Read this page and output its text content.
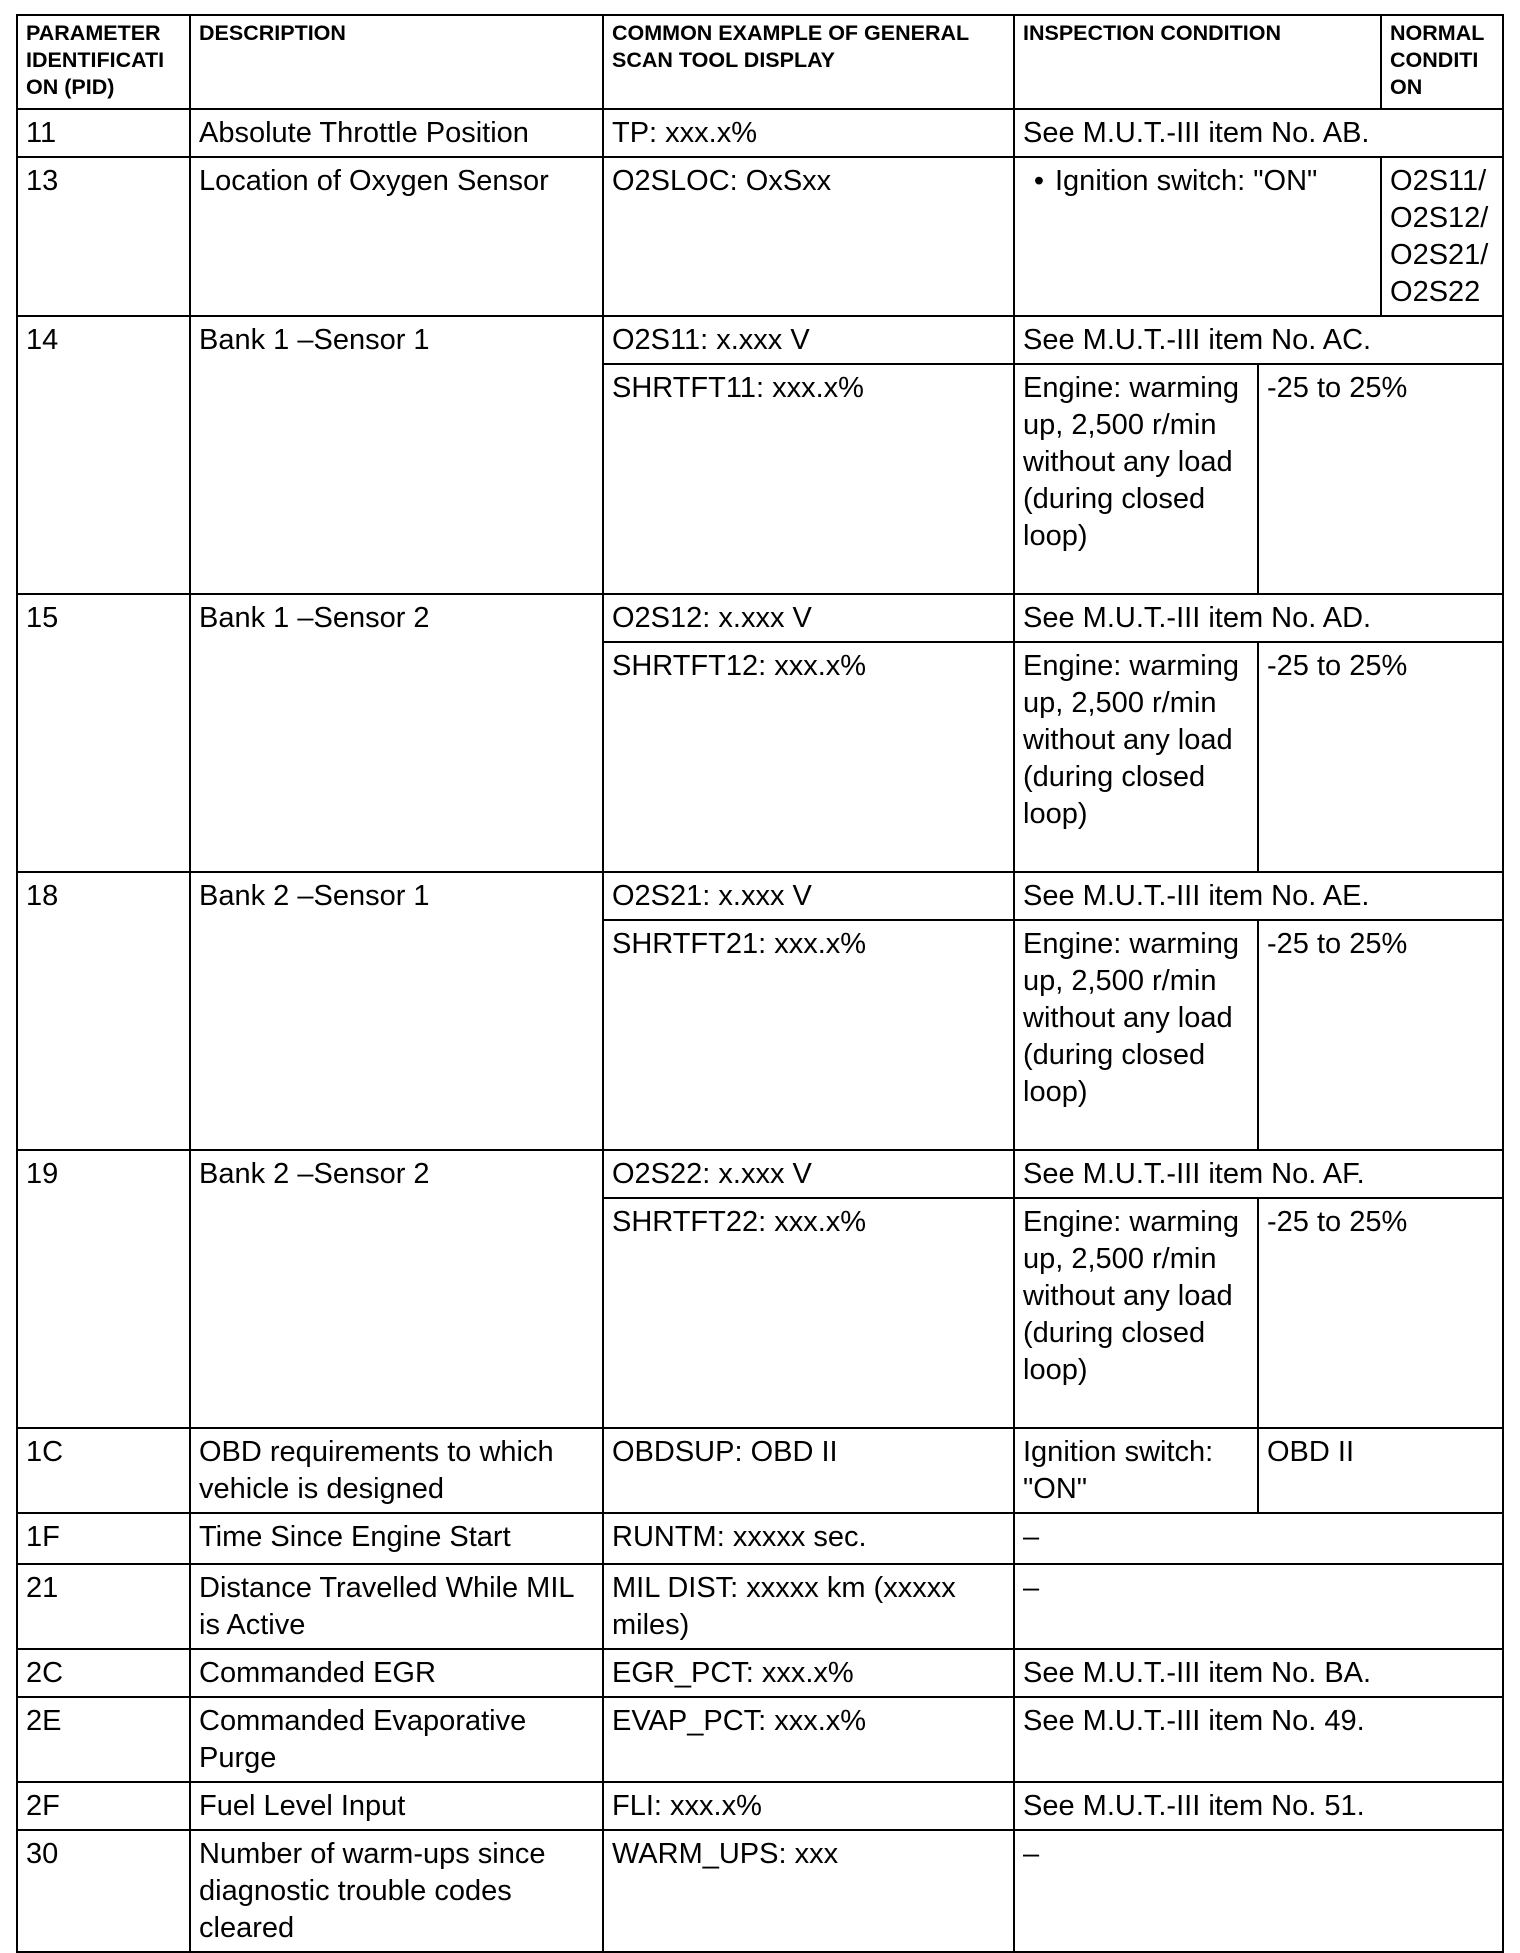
PARAMETER IDENTIFICATI ON (PID)	DESCRIPTION	COMMON EXAMPLE OF GENERAL SCAN TOOL DISPLAY	INSPECTION CONDITION		NORMAL CONDITI ON
11	Absolute Throttle Position	TP: xxx.x%	See M.U.T.-III item No. AB.		
13	Location of Oxygen Sensor	O2SLOC: OxSxx	• Ignition switch: "ON"		O2S11/ O2S12/ O2S21/ O2S22
14	Bank 1 –Sensor 1	O2S11: x.xxx V	See M.U.T.-III item No. AC.		
		SHRTFT11: xxx.x%	Engine: warming up, 2,500 r/min without any load (during closed loop)	-25 to 25%	
15	Bank 1 –Sensor 2	O2S12: x.xxx V	See M.U.T.-III item No. AD.		
		SHRTFT12: xxx.x%	Engine: warming up, 2,500 r/min without any load (during closed loop)	-25 to 25%	
18	Bank 2 –Sensor 1	O2S21: x.xxx V	See M.U.T.-III item No. AE.		
		SHRTFT21: xxx.x%	Engine: warming up, 2,500 r/min without any load (during closed loop)	-25 to 25%	
19	Bank 2 –Sensor 2	O2S22: x.xxx V	See M.U.T.-III item No. AF.		
		SHRTFT22: xxx.x%	Engine: warming up, 2,500 r/min without any load (during closed loop)	-25 to 25%	
1C	OBD requirements to which vehicle is designed	OBDSUP: OBD II	Ignition switch: "ON"	OBD II	
1F	Time Since Engine Start	RUNTM: xxxxx sec.	–		
21	Distance Travelled While MIL is Active	MIL DIST: xxxxx km (xxxxx miles)	–		
2C	Commanded EGR	EGR_PCT: xxx.x%	See M.U.T.-III item No. BA.		
2E	Commanded Evaporative Purge	EVAP_PCT: xxx.x%	See M.U.T.-III item No. 49.		
2F	Fuel Level Input	FLI: xxx.x%	See M.U.T.-III item No. 51.		
30	Number of warm-ups since diagnostic trouble codes cleared	WARM_UPS: xxx	–		
